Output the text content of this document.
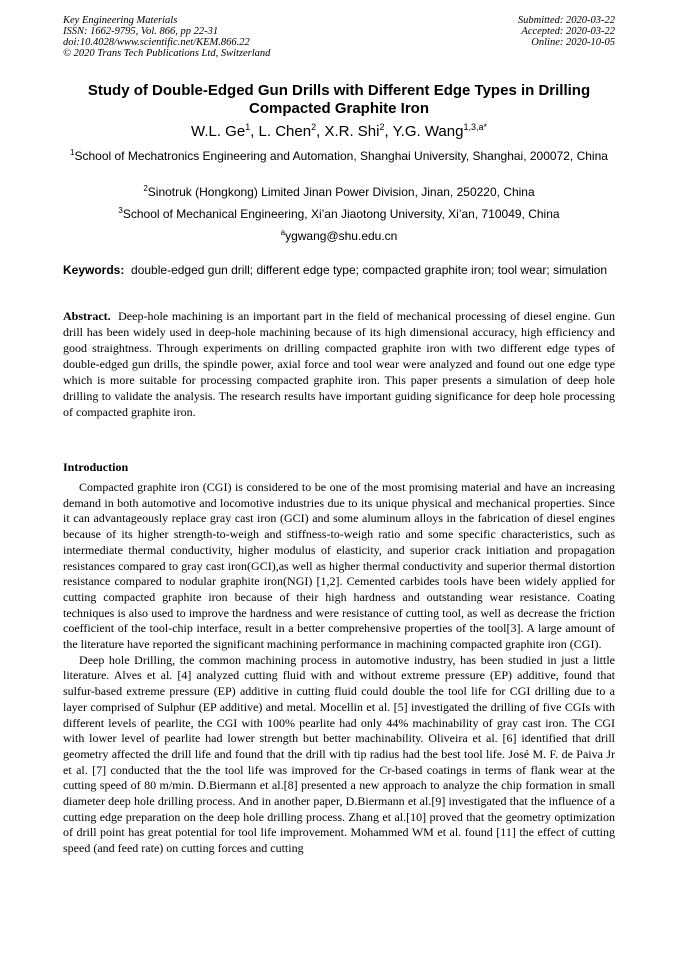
Key Engineering Materials
ISSN: 1662-9795, Vol. 866, pp 22-31
doi:10.4028/www.scientific.net/KEM.866.22
© 2020 Trans Tech Publications Ltd, Switzerland
Submitted: 2020-03-22
Accepted: 2020-03-22
Online: 2020-10-05
Study of Double-Edged Gun Drills with Different Edge Types in Drilling Compacted Graphite Iron
W.L. Ge$^1$, L. Chen$^2$, X.R. Shi$^2$, Y.G. Wang$^{1,3,a*}$
$^1$School of Mechatronics Engineering and Automation, Shanghai University, Shanghai, 200072, China
$^2$Sinotruk (Hongkong) Limited Jinan Power Division, Jinan, 250220, China
$^3$School of Mechanical Engineering, Xi’an Jiaotong University, Xi’an, 710049, China
$^a$ygwang@shu.edu.cn
Keywords: double-edged gun drill; different edge type; compacted graphite iron; tool wear; simulation
Abstract. Deep-hole machining is an important part in the field of mechanical processing of diesel engine. Gun drill has been widely used in deep-hole machining because of its high dimensional accuracy, high efficiency and good straightness. Through experiments on drilling compacted graphite iron with two different edge types of double-edged gun drills, the spindle power, axial force and tool wear were analyzed and found out one edge type which is more suitable for processing compacted graphite iron. This paper presents a simulation of deep hole drilling to validate the analysis. The research results have important guiding significance for deep hole processing of compacted graphite iron.
Introduction

Compacted graphite iron (CGI) is considered to be one of the most promising material and have an increasing demand in both automotive and locomotive industries due to its unique physical and mechanical properties. Since it can advantageously replace gray cast iron (GCI) and some aluminum alloys in the fabrication of diesel engines because of its higher strength-to-weigh and stiffness-to-weigh ratio and some specific characteristics, such as intermediate thermal conductivity, higher modulus of elasticity, and superior crack initiation and propagation resistances compared to gray cast iron(GCI),as well as higher thermal conductivity and superior thermal distortion resistance compared to nodular graphite iron(NGI) [1,2]. Cemented carbides tools have been widely applied for cutting compacted graphite iron because of their high hardness and outstanding wear resistance. Coating techniques is also used to improve the hardness and were resistance of cutting tool, as well as decrease the friction coefficient of the tool-chip interface, result in a better comprehensive properties of the tool[3]. A large amount of the literature have reported the significant machining performance in machining compacted graphite iron (CGI).

Deep hole Drilling, the common machining process in automotive industry, has been studied in just a little literature. Alves et al. [4] analyzed cutting fluid with and without extreme pressure (EP) additive, found that sulfur-based extreme pressure (EP) additive in cutting fluid could double the tool life for CGI drilling due to a layer comprised of Sulphur (EP additive) and metal. Mocellin et al. [5] investigated the drilling of five CGIs with different levels of pearlite, the CGI with 100% pearlite had only 44% machinability of gray cast iron. The CGI with lower level of pearlite had lower strength but better machinability. Oliveira et al. [6] identified that drill geometry affected the drill life and found that the drill with tip radius had the best tool life. José M. F. de Paiva Jr et al. [7] conducted that the the tool life was improved for the Cr-based coatings in terms of flank wear at the cutting speed of 80 m/min. D.Biermann et al.[8] presented a new approach to analyze the chip formation in small diameter deep hole drilling process. And in another paper, D.Biermann et al.[9] investigated that the influence of a cutting edge preparation on the deep hole drilling process. Zhang et al.[10] proved that the geometry optimization of drill point has great potential for tool life improvement. Mohammed WM et al. found [11] the effect of cutting speed (and feed rate) on cutting forces and cutting
